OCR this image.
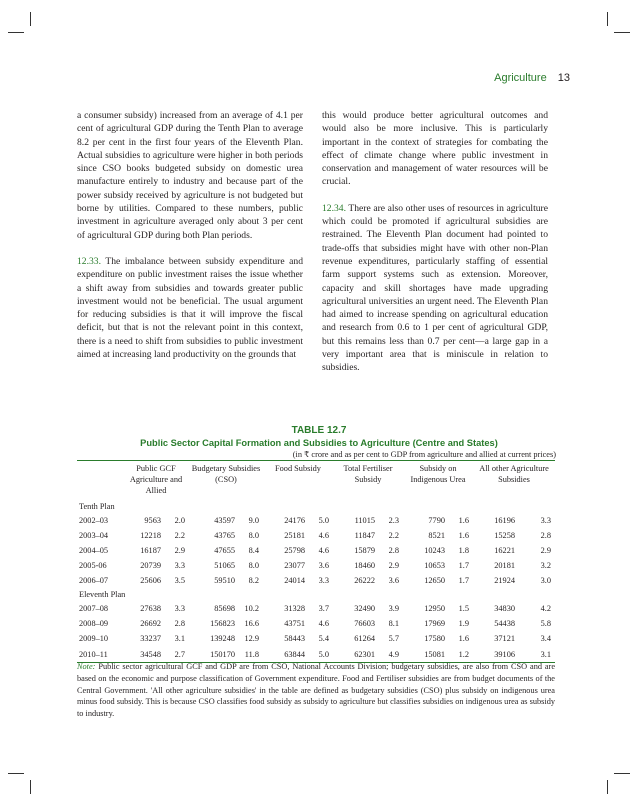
Agriculture 13

a consumer subsidy) increased from an average of 4.1 per cent of agricultural GDP during the Tenth Plan to average 8.2 per cent in the first four years of the Eleventh Plan. Actual subsidies to agriculture were higher in both periods since CSO books budgeted subsidy on domestic urea manufacture entirely to industry and because part of the power subsidy received by agriculture is not budgeted but borne by utilities. Compared to these numbers, public investment in agriculture averaged only about 3 per cent of agricultural GDP during both Plan periods.

12.33. The imbalance between subsidy expenditure and expenditure on public investment raises the issue whether a shift away from subsidies and towards greater public investment would not be beneficial. The usual argument for reducing subsidies is that it will improve the fiscal deficit, but that is not the relevant point in this context, there is a need to shift from subsidies to public investment aimed at increasing land productivity on the grounds that

this would produce better agricultural outcomes and would also be more inclusive. This is particularly important in the context of strategies for combating the effect of climate change where public investment in conservation and management of water resources will be crucial.

12.34. There are also other uses of resources in agriculture which could be promoted if agricultural subsidies are restrained. The Eleventh Plan document had pointed to trade-offs that subsidies might have with other non-Plan revenue expenditures, particularly staffing of essential farm support systems such as extension. Moreover, capacity and skill shortages have made upgrading agricultural universities an urgent need. The Eleventh Plan had aimed to increase spending on agricultural education and research from 0.6 to 1 per cent of agricultural GDP, but this remains less than 0.7 per cent—a large gap in a very important area that is miniscule in relation to subsidies.

TABLE 12.7
Public Sector Capital Formation and Subsidies to Agriculture (Centre and States)
(in ₹ crore and as per cent to GDP from agriculture and allied at current prices)
	Public GCF Agriculture and Allied		Budgetary Subsidies (CSO)		Food Subsidy		Total Fertiliser Subsidy		Subsidy on Indigenous Urea		All other Agriculture Subsidies	
Tenth Plan												
2002–03	9563	2.0	43597	9.0	24176	5.0	11015	2.3	7790	1.6	16196	3.3
2003–04	12218	2.2	43765	8.0	25181	4.6	11847	2.2	8521	1.6	15258	2.8
2004–05	16187	2.9	47655	8.4	25798	4.6	15879	2.8	10243	1.8	16221	2.9
2005-06	20739	3.3	51065	8.0	23077	3.6	18460	2.9	10653	1.7	20181	3.2
2006–07	25606	3.5	59510	8.2	24014	3.3	26222	3.6	12650	1.7	21924	3.0
Eleventh Plan												
2007–08	27638	3.3	85698	10.2	31328	3.7	32490	3.9	12950	1.5	34830	4.2
2008–09	26692	2.8	156823	16.6	43751	4.6	76603	8.1	17969	1.9	54438	5.8
2009–10	33237	3.1	139248	12.9	58443	5.4	61264	5.7	17580	1.6	37121	3.4
2010–11	34548	2.7	150170	11.8	63844	5.0	62301	4.9	15081	1.2	39106	3.1
Note: Public sector agricultural GCF and GDP are from CSO, National Accounts Division; budgetary subsidies, are also from CSO and are based on the economic and purpose classification of Government expenditure. Food and Fertiliser subsidies are from budget documents of the Central Government. 'All other agriculture subsidies' in the table are defined as budgetary subsidies (CSO) plus subsidy on indigenous urea minus food subsidy. This is because CSO classifies food subsidy as subsidy to agriculture but classifies subsidies on indigenous urea as subsidy to industry.
